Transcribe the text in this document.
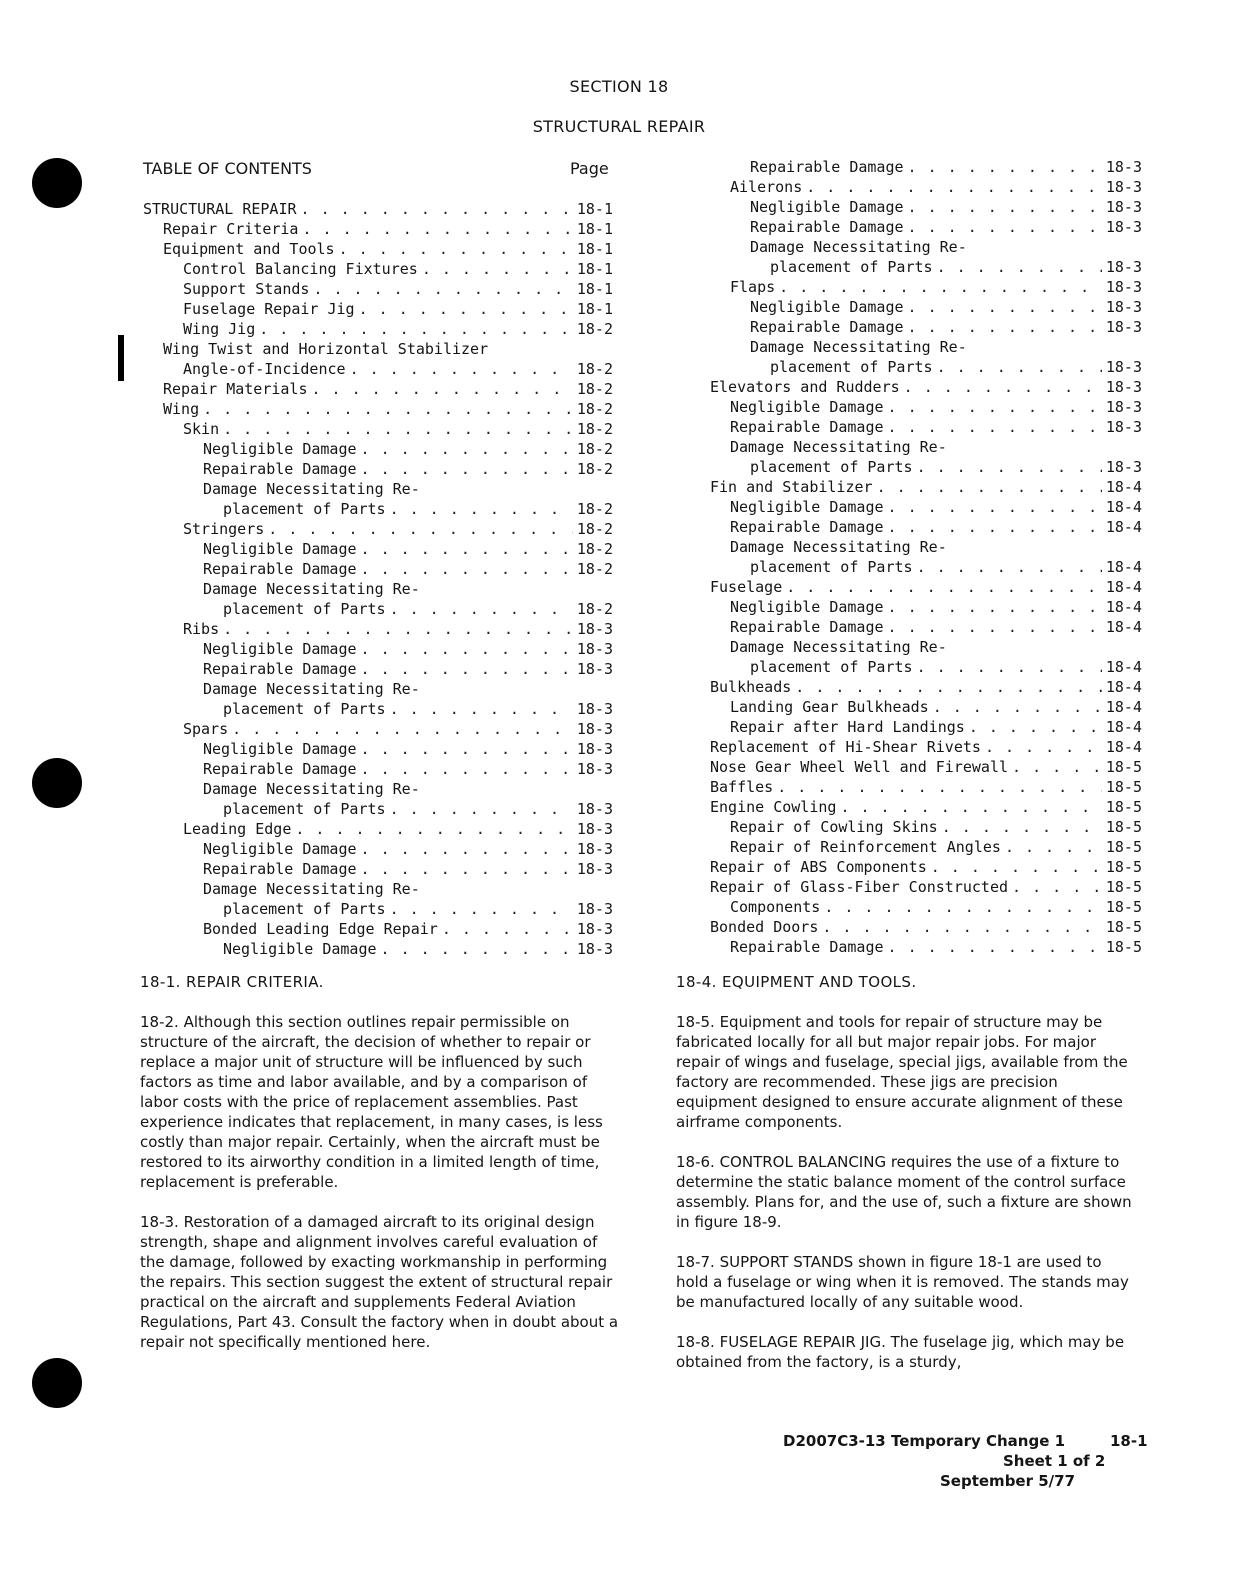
SECTION 18
STRUCTURAL REPAIR
TABLE OF CONTENTS	Page
STRUCTURAL REPAIR . . .	18-1
Repair Criteria . . .	18-1
Equipment and Tools . . .	18-1
Control Balancing Fixtures . . .	18-1
Support Stands . . .	18-1
Fuselage Repair Jig . . .	18-1
Wing Jig . . .	18-2
Wing Twist and Horizontal Stabilizer
Angle-of-Incidence . . .	18-2
Repair Materials . . .	18-2
Wing . . .	18-2
Skin . . .	18-2
Negligible Damage . . .	18-2
Repairable Damage . . .	18-2
Damage Necessitating Re-
placement of Parts . . .	18-2
Stringers . . .	18-2
Negligible Damage . . .	18-2
Repairable Damage . . .	18-2
Damage Necessitating Re-
placement of Parts . . .	18-2
Ribs . . .	18-3
Negligible Damage . . .	18-3
Repairable Damage . . .	18-3
Damage Necessitating Re-
placement of Parts . . .	18-3
Spars . . .	18-3
Negligible Damage . . .	18-3
Repairable Damage . . .	18-3
Damage Necessitating Re-
placement of Parts . . .	18-3
Leading Edge . . .	18-3
Negligible Damage . . .	18-3
Repairable Damage . . .	18-3
Damage Necessitating Re-
placement of Parts . . .	18-3
Bonded Leading Edge Repair . . .	18-3
Negligible Damage . . .	18-3
Repairable Damage . . .	18-3
Ailerons . . .	18-3
Negligible Damage . . .	18-3
Repairable Damage . . .	18-3
Damage Necessitating Re-
placement of Parts . . .	18-3
Flaps . . .	18-3
Negligible Damage . . .	18-3
Repairable Damage . . .	18-3
Damage Necessitating Re-
placement of Parts . . .	18-3
Elevators and Rudders . . .	18-3
Negligible Damage . . .	18-3
Repairable Damage . . .	18-3
Damage Necessitating Re-
placement of Parts . . .	18-3
Fin and Stabilizer . . .	18-4
Negligible Damage . . .	18-4
Repairable Damage . . .	18-4
Damage Necessitating Re-
placement of Parts . . .	18-4
Fuselage . . .	18-4
Negligible Damage . . .	18-4
Repairable Damage . . .	18-4
Damage Necessitating Re-
placement of Parts . . .	18-4
Bulkheads . . .	18-4
Landing Gear Bulkheads . . .	18-4
Repair after Hard Landings . . .	18-4
Replacement of Hi-Shear Rivets . . .	18-4
Nose Gear Wheel Well and Firewall . . .	18-5
Baffles . . .	18-5
Engine Cowling . . .	18-5
Repair of Cowling Skins . . .	18-5
Repair of Reinforcement Angles . . .	18-5
Repair of ABS Components . . .	18-5
Repair of Glass-Fiber Constructed . . .	18-5
Components . . .	18-5
Bonded Doors . . .	18-5
Repairable Damage . . .	18-5
18-1. REPAIR CRITERIA.

18-2. Although this section outlines repair permissible on structure of the aircraft, the decision of whether to repair or replace a major unit of structure will be influenced by such factors as time and labor available, and by a comparison of labor costs with the price of replacement assemblies. Past experience indicates that replacement, in many cases, is less costly than major repair. Certainly, when the aircraft must be restored to its airworthy condition in a limited length of time, replacement is preferable.

18-3. Restoration of a damaged aircraft to its original design strength, shape and alignment involves careful evaluation of the damage, followed by exacting workmanship in performing the repairs. This section suggest the extent of structural repair practical on the aircraft and supplements Federal Aviation Regulations, Part 43. Consult the factory when in doubt about a repair not specifically mentioned here.

18-4. EQUIPMENT AND TOOLS.

18-5. Equipment and tools for repair of structure may be fabricated locally for all but major repair jobs. For major repair of wings and fuselage, special jigs, available from the factory are recommended. These jigs are precision equipment designed to ensure accurate alignment of these airframe components.

18-6. CONTROL BALANCING requires the use of a fixture to determine the static balance moment of the control surface assembly. Plans for, and the use of, such a fixture are shown in figure 18-9.

18-7. SUPPORT STANDS shown in figure 18-1 are used to hold a fuselage or wing when it is removed. The stands may be manufactured locally of any suitable wood.

18-8. FUSELAGE REPAIR JIG. The fuselage jig, which may be obtained from the factory, is a sturdy,

D2007C3-13 Temporary Change 1	18-1
Sheet 1 of 2
September 5/77
